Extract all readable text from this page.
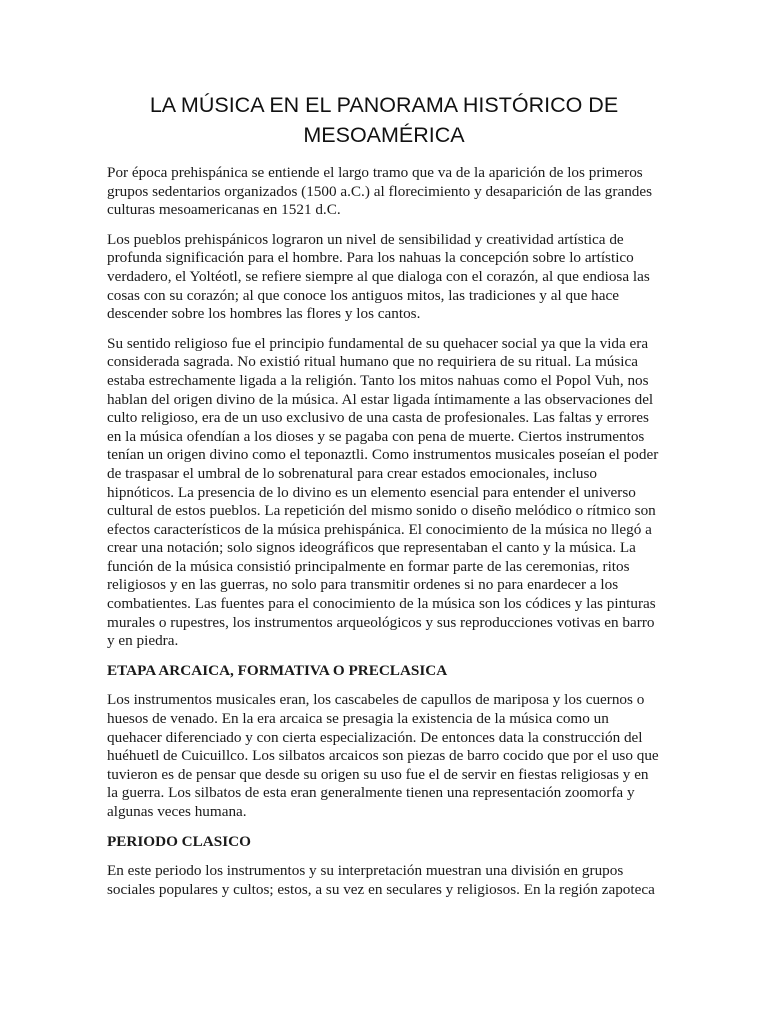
LA MÚSICA EN EL PANORAMA HISTÓRICO DE
MESOAMÉRICA

Por época prehispánica se entiende el largo tramo que va de la aparición de los primeros grupos sedentarios organizados (1500 a.C.) al florecimiento y desaparición de las grandes culturas mesoamericanas en 1521 d.C.

Los pueblos prehispánicos lograron un nivel de sensibilidad y creatividad artística de profunda significación para el hombre. Para los nahuas la concepción sobre lo artístico verdadero, el Yoltéotl, se refiere siempre al que dialoga con el corazón, al que endiosa las cosas con su corazón; al que conoce los antiguos mitos, las tradiciones y al que hace descender sobre los hombres las flores y los cantos.

Su sentido religioso fue el principio fundamental de su quehacer social ya que la vida era considerada sagrada. No existió ritual humano que no requiriera de su ritual. La música estaba estrechamente ligada a la religión. Tanto los mitos nahuas como el Popol Vuh, nos hablan del origen divino de la música. Al estar ligada íntimamente a las observaciones del culto religioso, era de un uso exclusivo de una casta de profesionales. Las faltas y errores en la música ofendían a los dioses y se pagaba con pena de muerte. Ciertos instrumentos tenían un origen divino como el teponaztli. Como instrumentos musicales poseían el poder de traspasar el umbral de lo sobrenatural para crear estados emocionales, incluso hipnóticos. La presencia de lo divino es un elemento esencial para entender el universo cultural de estos pueblos. La repetición del mismo sonido o diseño melódico o rítmico son efectos característicos de la música prehispánica. El conocimiento de la música no llegó a crear una notación; solo signos ideográficos que representaban el canto y la música. La función de la música consistió principalmente en formar parte de las ceremonias, ritos religiosos y en las guerras, no solo para transmitir ordenes si no para enardecer a los combatientes. Las fuentes para el conocimiento de la música son los códices y las pinturas murales o rupestres, los instrumentos arqueológicos y sus reproducciones votivas en barro y en piedra.

ETAPA ARCAICA, FORMATIVA O PRECLASICA

Los instrumentos musicales eran, los cascabeles de capullos de mariposa y los cuernos o huesos de venado. En la era arcaica se presagia la existencia de la música como un quehacer diferenciado y con cierta especialización. De entonces data la construcción del huéhuetl de Cuicuillco. Los silbatos arcaicos son piezas de barro cocido que por el uso que tuvieron es de pensar que desde su origen su uso fue el de servir en fiestas religiosas y en la guerra. Los silbatos de esta eran generalmente tienen una representación zoomorfa y algunas veces humana.

PERIODO CLASICO

En este periodo los instrumentos y su interpretación muestran una división en grupos sociales populares y cultos; estos, a su vez en seculares y religiosos. En la región zapoteca
